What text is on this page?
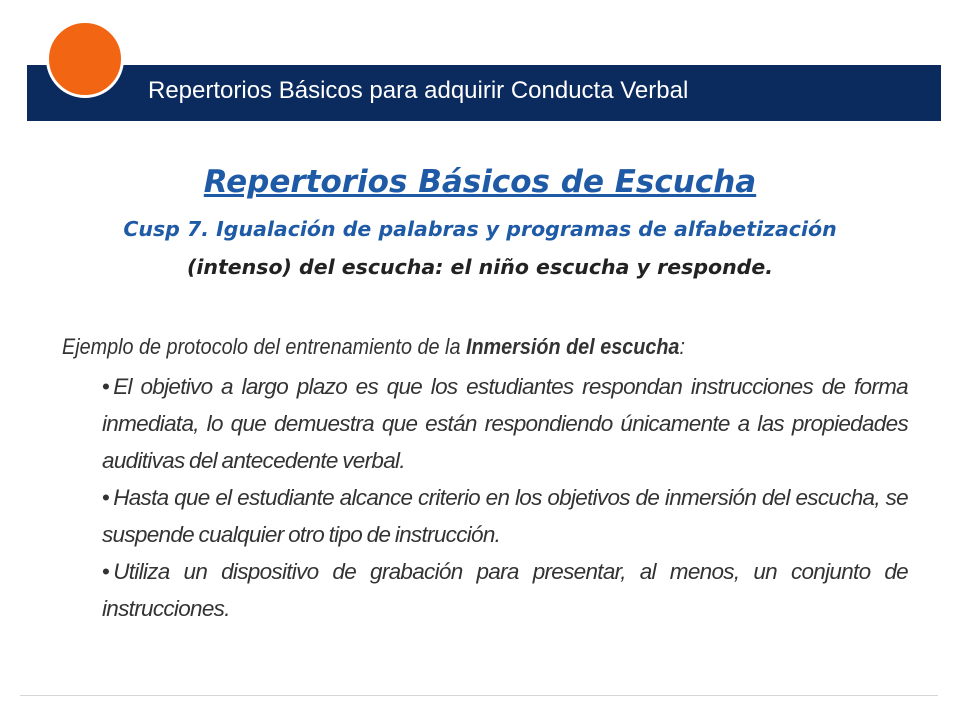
Repertorios Básicos para adquirir Conducta Verbal
Repertorios Básicos de Escucha
Cusp 7. Igualación de palabras y programas de alfabetización
(intenso) del escucha: el niño escucha y responde.
Ejemplo de protocolo del entrenamiento de la Inmersión del escucha:
• El objetivo a largo plazo es que los estudiantes respondan instrucciones de forma inmediata, lo que demuestra que están respondiendo únicamente a las propiedades auditivas del antecedente verbal.
• Hasta que el estudiante alcance criterio en los objetivos de inmersión del escucha, se suspende cualquier otro tipo de instrucción.
• Utiliza un dispositivo de grabación para presentar, al menos, un conjunto de instrucciones.
